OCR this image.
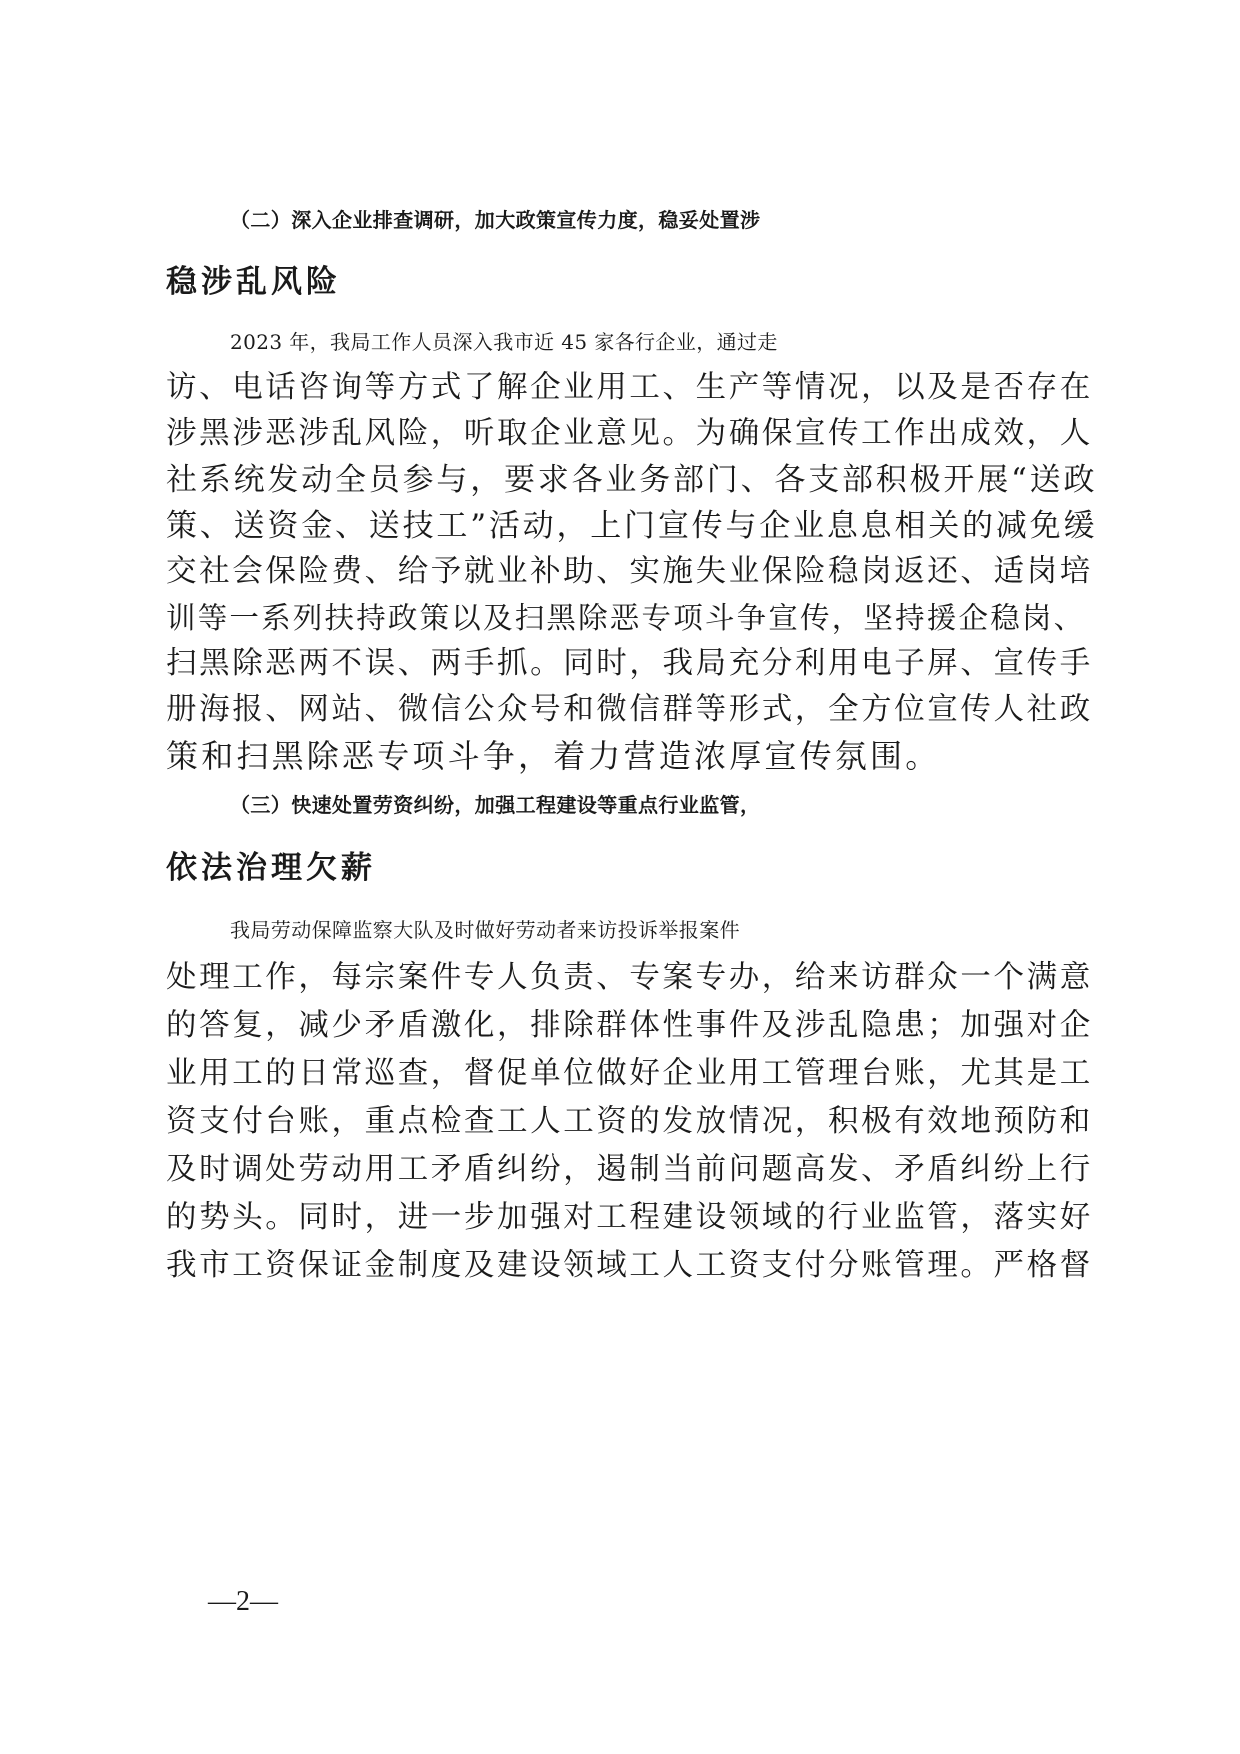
（二）深入企业排查调研，加大政策宣传力度，稳妥处置涉
稳涉乱风险
2023 年，我局工作人员深入我市近 45 家各行企业，通过走
访、电话咨询等方式了解企业用工、生产等情况，以及是否存在
涉黑涉恶涉乱风险，听取企业意见。为确保宣传工作出成效，人
社系统发动全员参与，要求各业务部门、各支部积极开展“送政
策、送资金、送技工”活动，上门宣传与企业息息相关的减免缓
交社会保险费、给予就业补助、实施失业保险稳岗返还、适岗培
训等一系列扶持政策以及扫黑除恶专项斗争宣传，坚持援企稳岗、
扫黑除恶两不误、两手抓。同时，我局充分利用电子屏、宣传手
册海报、网站、微信公众号和微信群等形式，全方位宣传人社政
策和扫黑除恶专项斗争，着力营造浓厚宣传氛围。
（三）快速处置劳资纠纷，加强工程建设等重点行业监管，
依法治理欠薪
我局劳动保障监察大队及时做好劳动者来访投诉举报案件
处理工作，每宗案件专人负责、专案专办，给来访群众一个满意
的答复，减少矛盾激化，排除群体性事件及涉乱隐患；加强对企
业用工的日常巡查，督促单位做好企业用工管理台账，尤其是工
资支付台账，重点检查工人工资的发放情况，积极有效地预防和
及时调处劳动用工矛盾纠纷，遏制当前问题高发、矛盾纠纷上行
的势头。同时，进一步加强对工程建设领域的行业监管，落实好
我市工资保证金制度及建设领域工人工资支付分账管理。严格督
—2—
